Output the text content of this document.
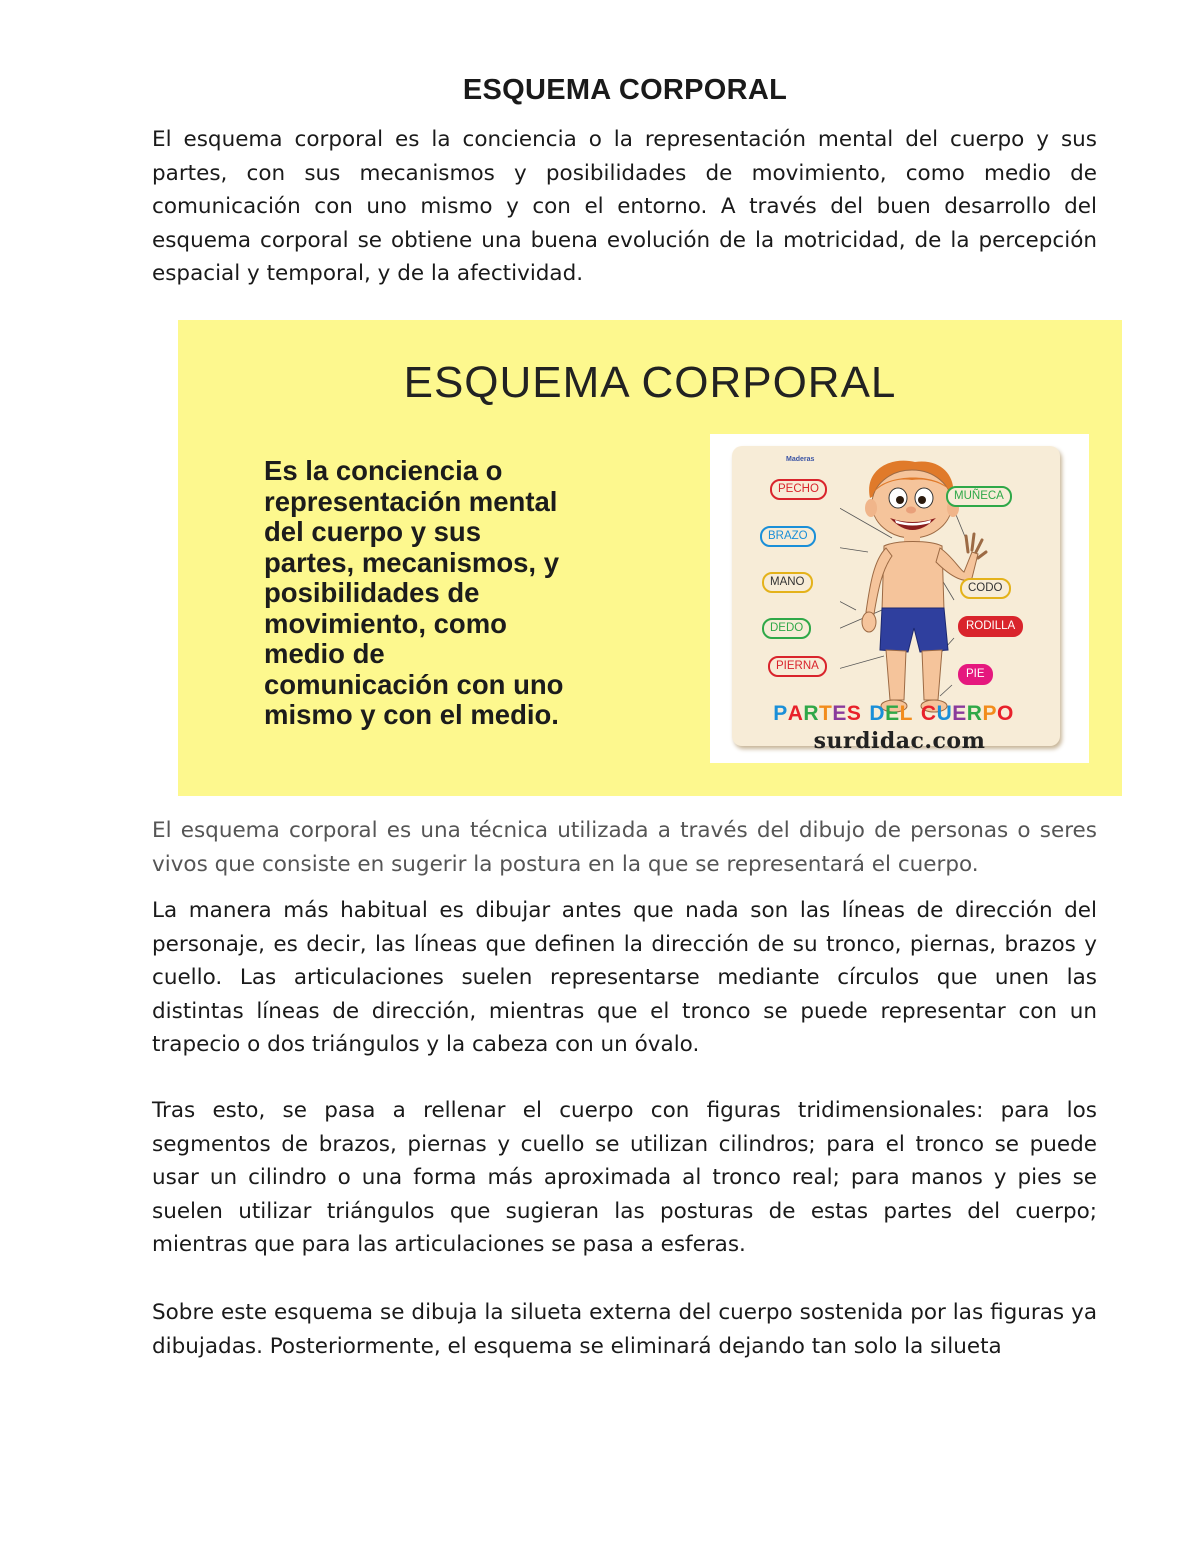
ESQUEMA CORPORAL

El esquema corporal es la conciencia o la representación mental del cuerpo y sus partes, con sus mecanismos y posibilidades de movimiento, como medio de comunicación con uno mismo y con el entorno. A través del buen desarrollo del esquema corporal se obtiene una buena evolución de la motricidad, de la percepción espacial y temporal, y de la afectividad.

ESQUEMA CORPORAL

Es la conciencia o
representación mental
del cuerpo y sus
partes, mecanismos, y
posibilidades de
movimiento, como
medio de
comunicación con uno
mismo y con el medio.

Maderas
PECHO
BRAZO
MANO
DEDO
PIERNA
MUÑECA
CODO
RODILLA
PIE
PARTES DEL CUERPO
surdidac.com

El esquema corporal es una técnica utilizada a través del dibujo de personas o seres vivos que consiste en sugerir la postura en la que se representará el cuerpo.

La manera más habitual es dibujar antes que nada son las líneas de dirección del personaje, es decir, las líneas que definen la dirección de su tronco, piernas, brazos y cuello. Las articulaciones suelen representarse mediante círculos que unen las distintas líneas de dirección, mientras que el tronco se puede representar con un trapecio o dos triángulos y la cabeza con un óvalo.

Tras esto, se pasa a rellenar el cuerpo con figuras tridimensionales: para los segmentos de brazos, piernas y cuello se utilizan cilindros; para el tronco se puede usar un cilindro o una forma más aproximada al tronco real; para manos y pies se suelen utilizar triángulos que sugieran las posturas de estas partes del cuerpo; mientras que para las articulaciones se pasa a esferas.

Sobre este esquema se dibuja la silueta externa del cuerpo sostenida por las figuras ya dibujadas. Posteriormente, el esquema se eliminará dejando tan solo la silueta
